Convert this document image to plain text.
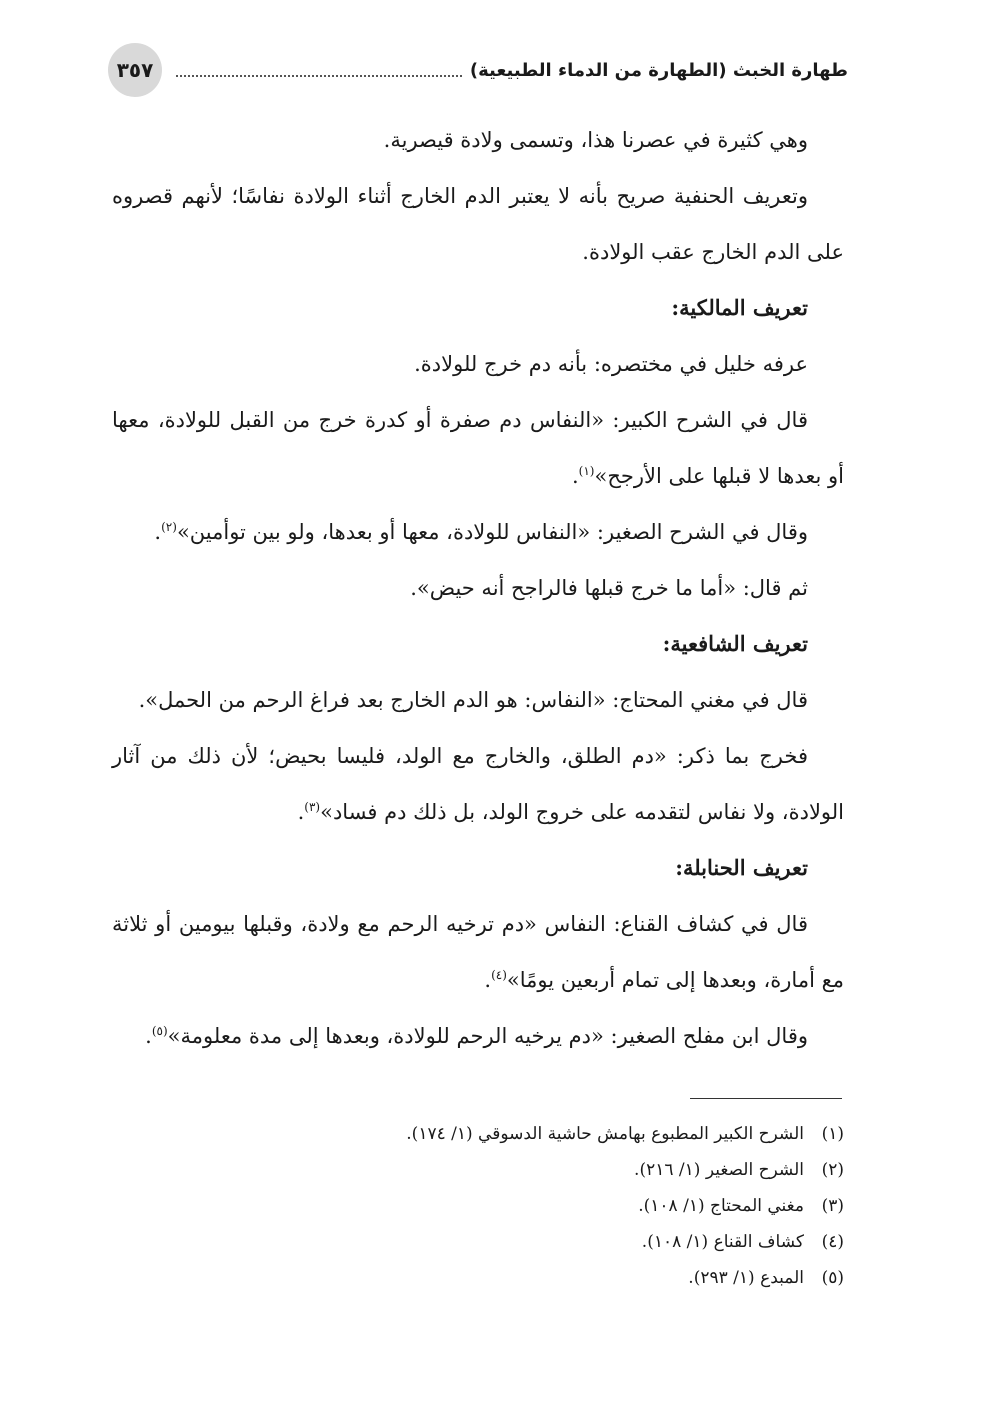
طهارة الخبث (الطهارة من الدماء الطبيعية)
٣٥٧

وهي كثيرة في عصرنا هذا، وتسمى ولادة قيصرية.

وتعريف الحنفية صريح بأنه لا يعتبر الدم الخارج أثناء الولادة نفاسًا؛ لأنهم قصروه على الدم الخارج عقب الولادة.

تعريف المالكية:

عرفه خليل في مختصره: بأنه دم خرج للولادة.

قال في الشرح الكبير: «النفاس دم صفرة أو كدرة خرج من القبل للولادة، معها أو بعدها لا قبلها على الأرجح»$^{(١)}$.

وقال في الشرح الصغير: «النفاس للولادة، معها أو بعدها، ولو بين توأمين»$^{(٢)}$.

ثم قال: «أما ما خرج قبلها فالراجح أنه حيض».

تعريف الشافعية:

قال في مغني المحتاج: «النفاس: هو الدم الخارج بعد فراغ الرحم من الحمل».

فخرج بما ذكر: «دم الطلق، والخارج مع الولد، فليسا بحيض؛ لأن ذلك من آثار الولادة، ولا نفاس لتقدمه على خروج الولد، بل ذلك دم فساد»$^{(٣)}$.

تعريف الحنابلة:

قال في كشاف القناع: النفاس «دم ترخيه الرحم مع ولادة، وقبلها بيومين أو ثلاثة مع أمارة، وبعدها إلى تمام أربعين يومًا»$^{(٤)}$.

وقال ابن مفلح الصغير: «دم يرخيه الرحم للولادة، وبعدها إلى مدة معلومة»$^{(٥)}$.

(١)
الشرح الكبير المطبوع بهامش حاشية الدسوقي (١/ ١٧٤).
(٢)
الشرح الصغير (١/ ٢١٦).
(٣)
مغني المحتاج (١/ ١٠٨).
(٤)
كشاف القناع (١/ ١٠٨).
(٥)
المبدع (١/ ٢٩٣).
